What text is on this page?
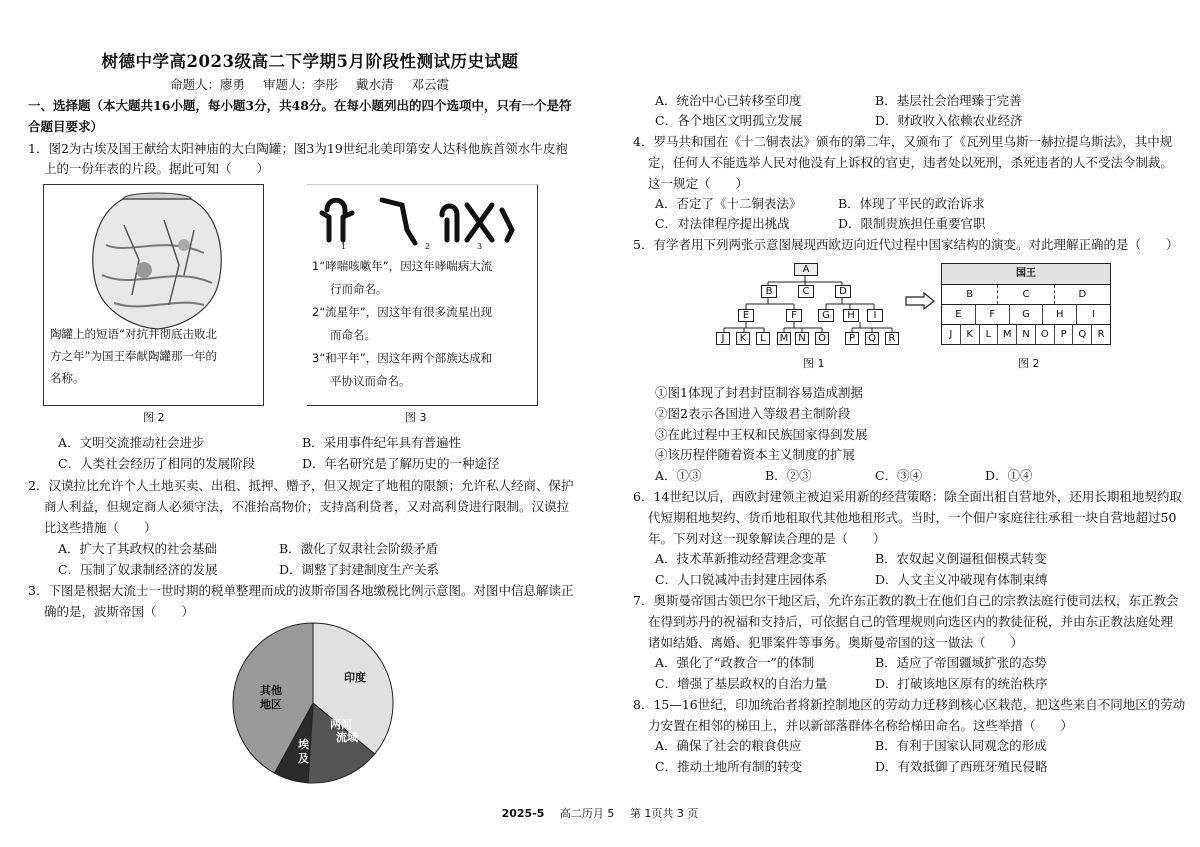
树德中学高2023级高二下学期5月阶段性测试历史试题
命题人：廖勇 审题人：李彤 戴水清 邓云霞
一、选择题（本大题共16小题，每小题3分，共48分。在每小题列出的四个选项中，只有一个是符
合题目要求）
1．图2为古埃及国王献给太阳神庙的大白陶罐；图3为19世纪北美印第安人达科他族首领水牛皮袍
上的一份年表的片段。据此可知（　　）
陶罐上的短语“对抗井彻底击败北
方之年”为国王奉献陶罐那一年的
名称。
图 2
1	2	3
1“哮喘咳嗽年”，因这年哮喘病大流
行而命名。
2“流星年”，因这年有很多流星出现
而命名。
3“和平年”，因这年两个部族达成和
平协议而命名。
图 3
A．文明交流推动社会进步	B．采用事件纪年具有普遍性
C．人类社会经历了相同的发展阶段	D．年名研究是了解历史的一种途径
2．汉谟拉比允许个人土地买卖、出租、抵押、赠予，但又规定了地租的限额；允许私人经商、保护
商人利益，但规定商人必须守法，不准抬高物价；支持高利贷者，又对高利贷进行限制。汉谟拉
比这些措施（　　）
A．扩大了其政权的社会基础	B．激化了奴隶社会阶级矛盾
C．压制了奴隶制经济的发展	D．调整了封建制度生产关系
3．下图是根据大流士一世时期的税单整理而成的波斯帝国各地缴税比例示意图。对图中信息解读正
确的是，波斯帝国（　　）
印度
两河
流域
埃
及
其他
地区
A．统治中心已转移至印度	B．基层社会治理臻于完善
C．各个地区文明孤立发展	D．财政收入依赖农业经济
4．罗马共和国在《十二铜表法》颁布的第二年，又颁布了《瓦列里乌斯一赫拉提乌斯法》，其中规
定，任何人不能选举人民对他没有上诉权的官吏，违者处以死刑，杀死违者的人不受法令制裁。
这一规定（　　）
A．否定了《十二铜表法》	B．体现了平民的政治诉求
C．对法律程序提出挑战	D．限制贵族担任重要官职
5．有学者用下列两张示意图展现西欧迈向近代过程中国家结构的演变。对此理解正确的是（　　）
A
B	C	D
E	F	G	H	I
J	K	L	M N	O	P	Q	R
图 1
国王
B	C	D
E	F	G	H	I
J	K	L	M	N	O	P	Q	R
图 2
①图1体现了封君封臣制容易造成割据
②图2表示各国进入等级君主制阶段
③在此过程中王权和民族国家得到发展
④该历程伴随着资本主义制度的扩展
A．①③	B．②③	C．③④	D．①④
6．14世纪以后，西欧封建领主被迫采用新的经营策略：除全面出租自营地外，还用长期租地契约取
代短期租地契约、货币地租取代其他地租形式。当时，一个佃户家庭往往承租一块自营地超过50
年。下列对这一现象解读合理的是（　　）
A．技术革新推动经营理念变革	B．农奴起义倒逼租佃模式转变
C．人口锐减冲击封建庄园体系	D．人文主义冲破现有体制束缚
7．奥斯曼帝国古领巴尔干地区后，允许东正教的教士在他们自己的宗教法庭行使司法权，东正教会
在得到苏丹的祝福和支持后，可依据自己的管理规则向选区内的教徒征税，并由东正教法庭处理
诸如结婚、离婚、犯罪案件等事务。奥斯曼帝国的这一做法（　　）
A．强化了“政教合一”的体制	B．适应了帝国疆域扩张的态势
C．增强了基层政权的自治力量	D．打破该地区原有的统治秩序
8．15—16世纪，印加统治者将新控制地区的劳动力迁移到核心区栽范，把这些来自不同地区的劳动
力安置在相邻的梯田上，并以新部落群体名称给梯田命名。这些举措（　　）
A．确保了社会的粮食供应	B．有利于国家认同观念的形成
C．推动土地所有制的转变	D．有效抵御了西班牙殖民侵略
2025-5 高二历月 5 第 1页共 3 页
